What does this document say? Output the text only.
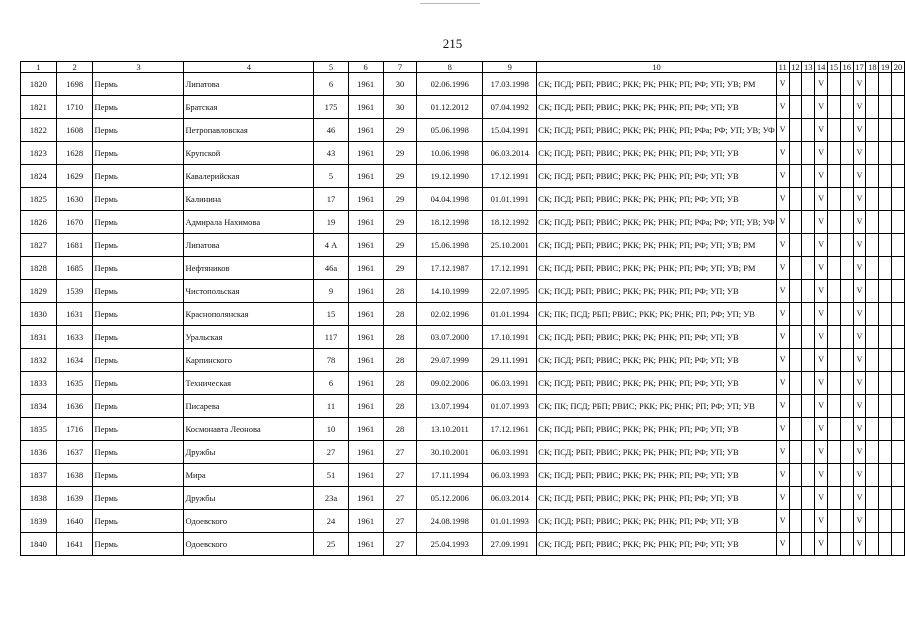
215
1	2	3	4	5	6	7	8	9	10	11	12	13	14	15	16	17	18	19	20
1820	1698	Пермь	Липатова	6	1961	30	02.06.1996	17.03.1998	СК; ПСД; РБП; РВИС; РКК; РК; РНК; РП; РФ; УП; УВ; РМ	V			V			V			
1821	1710	Пермь	Братская	175	1961	30	01.12.2012	07.04.1992	СК; ПСД; РБП; РВИС; РКК; РК; РНК; РП; РФ; УП; УВ	V			V			V			
1822	1608	Пермь	Петропавловская	46	1961	29	05.06.1998	15.04.1991	СК; ПСД; РБП; РВИС; РКК; РК; РНК; РП; РФа; РФ; УП; УВ; УФ	V			V			V			
1823	1628	Пермь	Крупской	43	1961	29	10.06.1998	06.03.2014	СК; ПСД; РБП; РВИС; РКК; РК; РНК; РП; РФ; УП; УВ	V			V			V			
1824	1629	Пермь	Кавалерийская	5	1961	29	19.12.1990	17.12.1991	СК; ПСД; РБП; РВИС; РКК; РК; РНК; РП; РФ; УП; УВ	V			V			V			
1825	1630	Пермь	Калинина	17	1961	29	04.04.1998	01.01.1991	СК; ПСД; РБП; РВИС; РКК; РК; РНК; РП; РФ; УП; УВ	V			V			V			
1826	1670	Пермь	Адмирала Нахимова	19	1961	29	18.12.1998	18.12.1992	СК; ПСД; РБП; РВИС; РКК; РК; РНК; РП; РФа; РФ; УП; УВ; УФ	V			V			V			
1827	1681	Пермь	Липатова	4 А	1961	29	15.06.1998	25.10.2001	СК; ПСД; РБП; РВИС; РКК; РК; РНК; РП; РФ; УП; УВ; РМ	V			V			V			
1828	1685	Пермь	Нефтяников	46а	1961	29	17.12.1987	17.12.1991	СК; ПСД; РБП; РВИС; РКК; РК; РНК; РП; РФ; УП; УВ; РМ	V			V			V			
1829	1539	Пермь	Чистопольская	9	1961	28	14.10.1999	22.07.1995	СК; ПСД; РБП; РВИС; РКК; РК; РНК; РП; РФ; УП; УВ	V			V			V			
1830	1631	Пермь	Краснополянская	15	1961	28	02.02.1996	01.01.1994	СК; ПК; ПСД; РБП; РВИС; РКК; РК; РНК; РП; РФ; УП; УВ	V			V			V			
1831	1633	Пермь	Уральская	117	1961	28	03.07.2000	17.10.1991	СК; ПСД; РБП; РВИС; РКК; РК; РНК; РП; РФ; УП; УВ	V			V			V			
1832	1634	Пермь	Карпинского	78	1961	28	29.07.1999	29.11.1991	СК; ПСД; РБП; РВИС; РКК; РК; РНК; РП; РФ; УП; УВ	V			V			V			
1833	1635	Пермь	Техническая	6	1961	28	09.02.2006	06.03.1991	СК; ПСД; РБП; РВИС; РКК; РК; РНК; РП; РФ; УП; УВ	V			V			V			
1834	1636	Пермь	Писарева	11	1961	28	13.07.1994	01.07.1993	СК; ПК; ПСД; РБП; РВИС; РКК; РК; РНК; РП; РФ; УП; УВ	V			V			V			
1835	1716	Пермь	Космонавта Леонова	10	1961	28	13.10.2011	17.12.1961	СК; ПСД; РБП; РВИС; РКК; РК; РНК; РП; РФ; УП; УВ	V			V			V			
1836	1637	Пермь	Дружбы	27	1961	27	30.10.2001	06.03.1991	СК; ПСД; РБП; РВИС; РКК; РК; РНК; РП; РФ; УП; УВ	V			V			V			
1837	1638	Пермь	Мира	51	1961	27	17.11.1994	06.03.1993	СК; ПСД; РБП; РВИС; РКК; РК; РНК; РП; РФ; УП; УВ	V			V			V			
1838	1639	Пермь	Дружбы	23а	1961	27	05.12.2006	06.03.2014	СК; ПСД; РБП; РВИС; РКК; РК; РНК; РП; РФ; УП; УВ	V			V			V			
1839	1640	Пермь	Одоевского	24	1961	27	24.08.1998	01.01.1993	СК; ПСД; РБП; РВИС; РКК; РК; РНК; РП; РФ; УП; УВ	V			V			V			
1840	1641	Пермь	Одоевского	25	1961	27	25.04.1993	27.09.1991	СК; ПСД; РБП; РВИС; РКК; РК; РНК; РП; РФ; УП; УВ	V			V			V			
